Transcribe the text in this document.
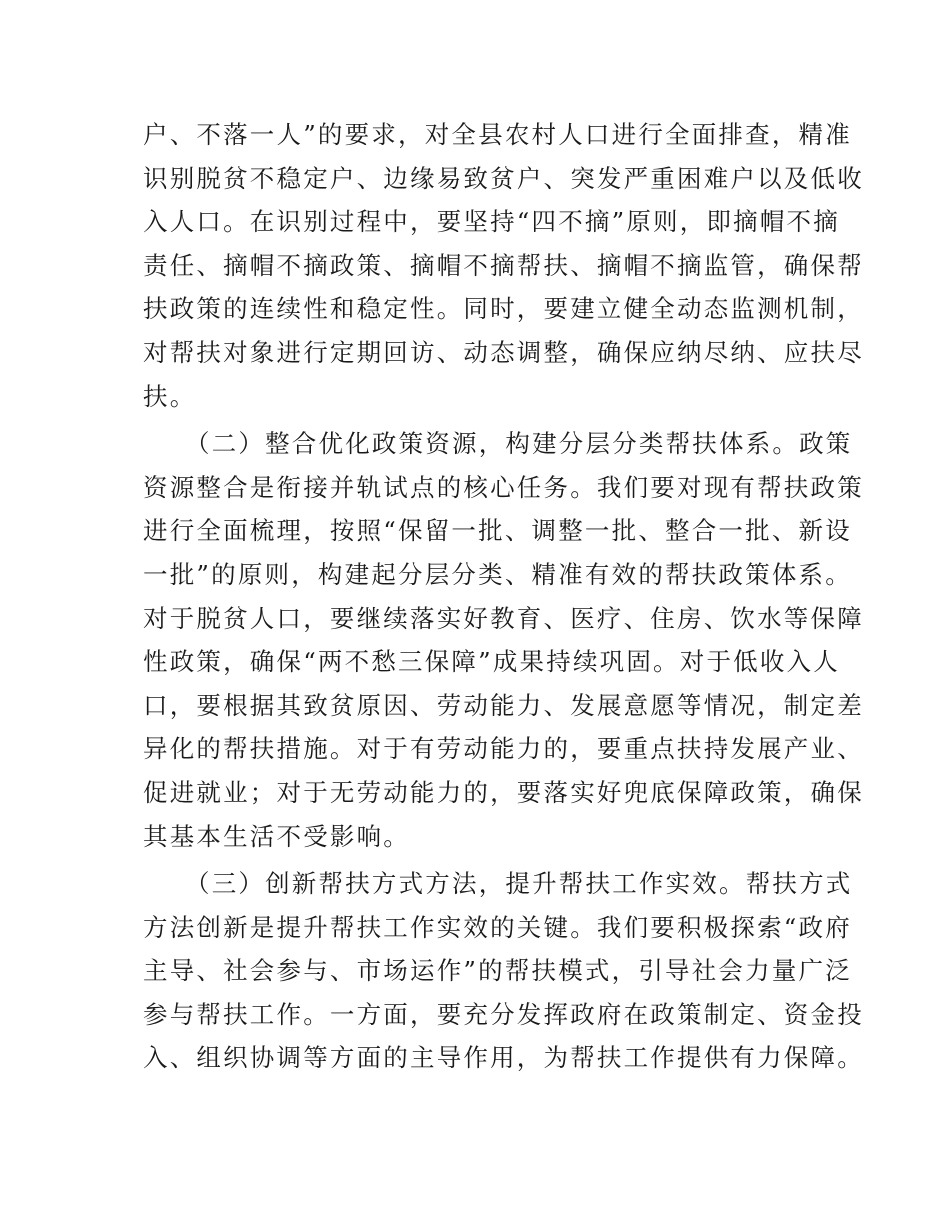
户、不落一人”的要求，对全县农村人口进行全面排查，精准
识别脱贫不稳定户、边缘易致贫户、突发严重困难户以及低收
入人口。在识别过程中，要坚持“四不摘”原则，即摘帽不摘
责任、摘帽不摘政策、摘帽不摘帮扶、摘帽不摘监管，确保帮
扶政策的连续性和稳定性。同时，要建立健全动态监测机制，
对帮扶对象进行定期回访、动态调整，确保应纳尽纳、应扶尽
扶。

（二）整合优化政策资源，构建分层分类帮扶体系。政策
资源整合是衔接并轨试点的核心任务。我们要对现有帮扶政策
进行全面梳理，按照“保留一批、调整一批、整合一批、新设
一批”的原则，构建起分层分类、精准有效的帮扶政策体系。
对于脱贫人口，要继续落实好教育、医疗、住房、饮水等保障
性政策，确保“两不愁三保障”成果持续巩固。对于低收入人
口，要根据其致贫原因、劳动能力、发展意愿等情况，制定差
异化的帮扶措施。对于有劳动能力的，要重点扶持发展产业、
促进就业；对于无劳动能力的，要落实好兜底保障政策，确保
其基本生活不受影响。

（三）创新帮扶方式方法，提升帮扶工作实效。帮扶方式
方法创新是提升帮扶工作实效的关键。我们要积极探索“政府
主导、社会参与、市场运作”的帮扶模式，引导社会力量广泛
参与帮扶工作。一方面，要充分发挥政府在政策制定、资金投
入、组织协调等方面的主导作用，为帮扶工作提供有力保障。
